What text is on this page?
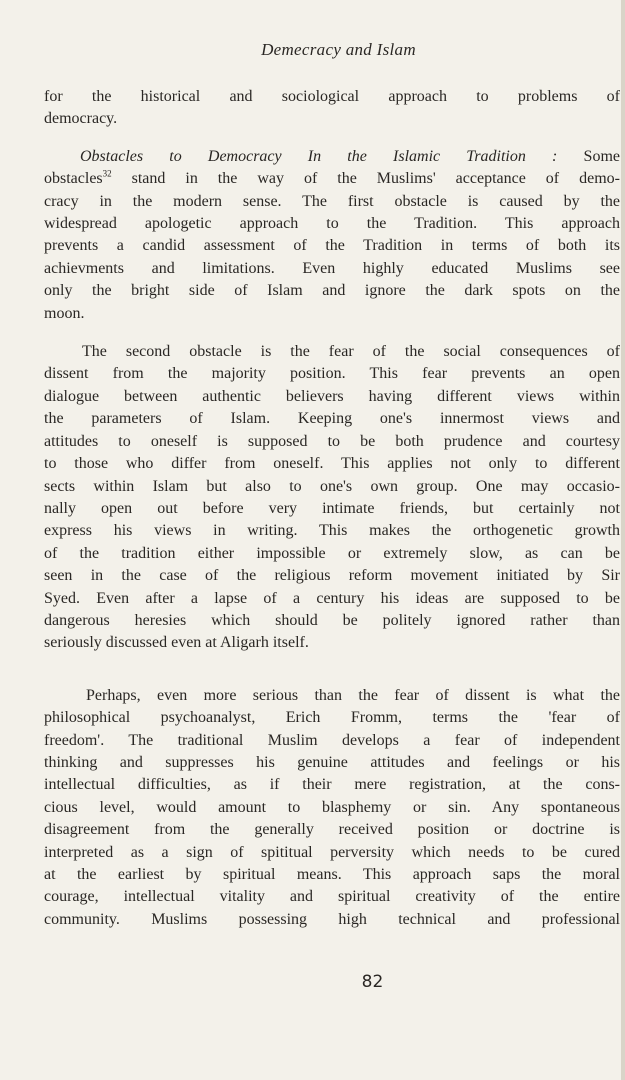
Demecracy and Islam

for the historical and sociological approach to problems of
democracy.

Obstacles to Democracy In the Islamic Tradition : Some
obstacles$^{32}$ stand in the way of the Muslims' acceptance of demo-
cracy in the modern sense. The first obstacle is caused by the
widespread apologetic approach to the Tradition. This approach
prevents a candid assessment of the Tradition in terms of both its
achievments and limitations. Even highly educated Muslims see
only the bright side of Islam and ignore the dark spots on the
moon.

The second obstacle is the fear of the social consequences of
dissent from the majority position. This fear prevents an open
dialogue between authentic believers having different views within
the parameters of Islam. Keeping one's innermost views and
attitudes to oneself is supposed to be both prudence and courtesy
to those who differ from oneself. This applies not only to different
sects within Islam but also to one's own group. One may occasio-
nally open out before very intimate friends, but certainly not
express his views in writing. This makes the orthogenetic growth
of the tradition either impossible or extremely slow, as can be
seen in the case of the religious reform movement initiated by Sir
Syed. Even after a lapse of a century his ideas are supposed to be
dangerous heresies which should be politely ignored rather than
seriously discussed even at Aligarh itself.

Perhaps, even more serious than the fear of dissent is what the
philosophical psychoanalyst, Erich Fromm, terms the 'fear of
freedom'. The traditional Muslim develops a fear of independent
thinking and suppresses his genuine attitudes and feelings or his
intellectual difficulties, as if their mere registration, at the cons-
cious level, would amount to blasphemy or sin. Any spontaneous
disagreement from the generally received position or doctrine is
interpreted as a sign of spititual perversity which needs to be cured
at the earliest by spiritual means. This approach saps the moral
courage, intellectual vitality and spiritual creativity of the entire
community. Muslims possessing high technical and professional

82
